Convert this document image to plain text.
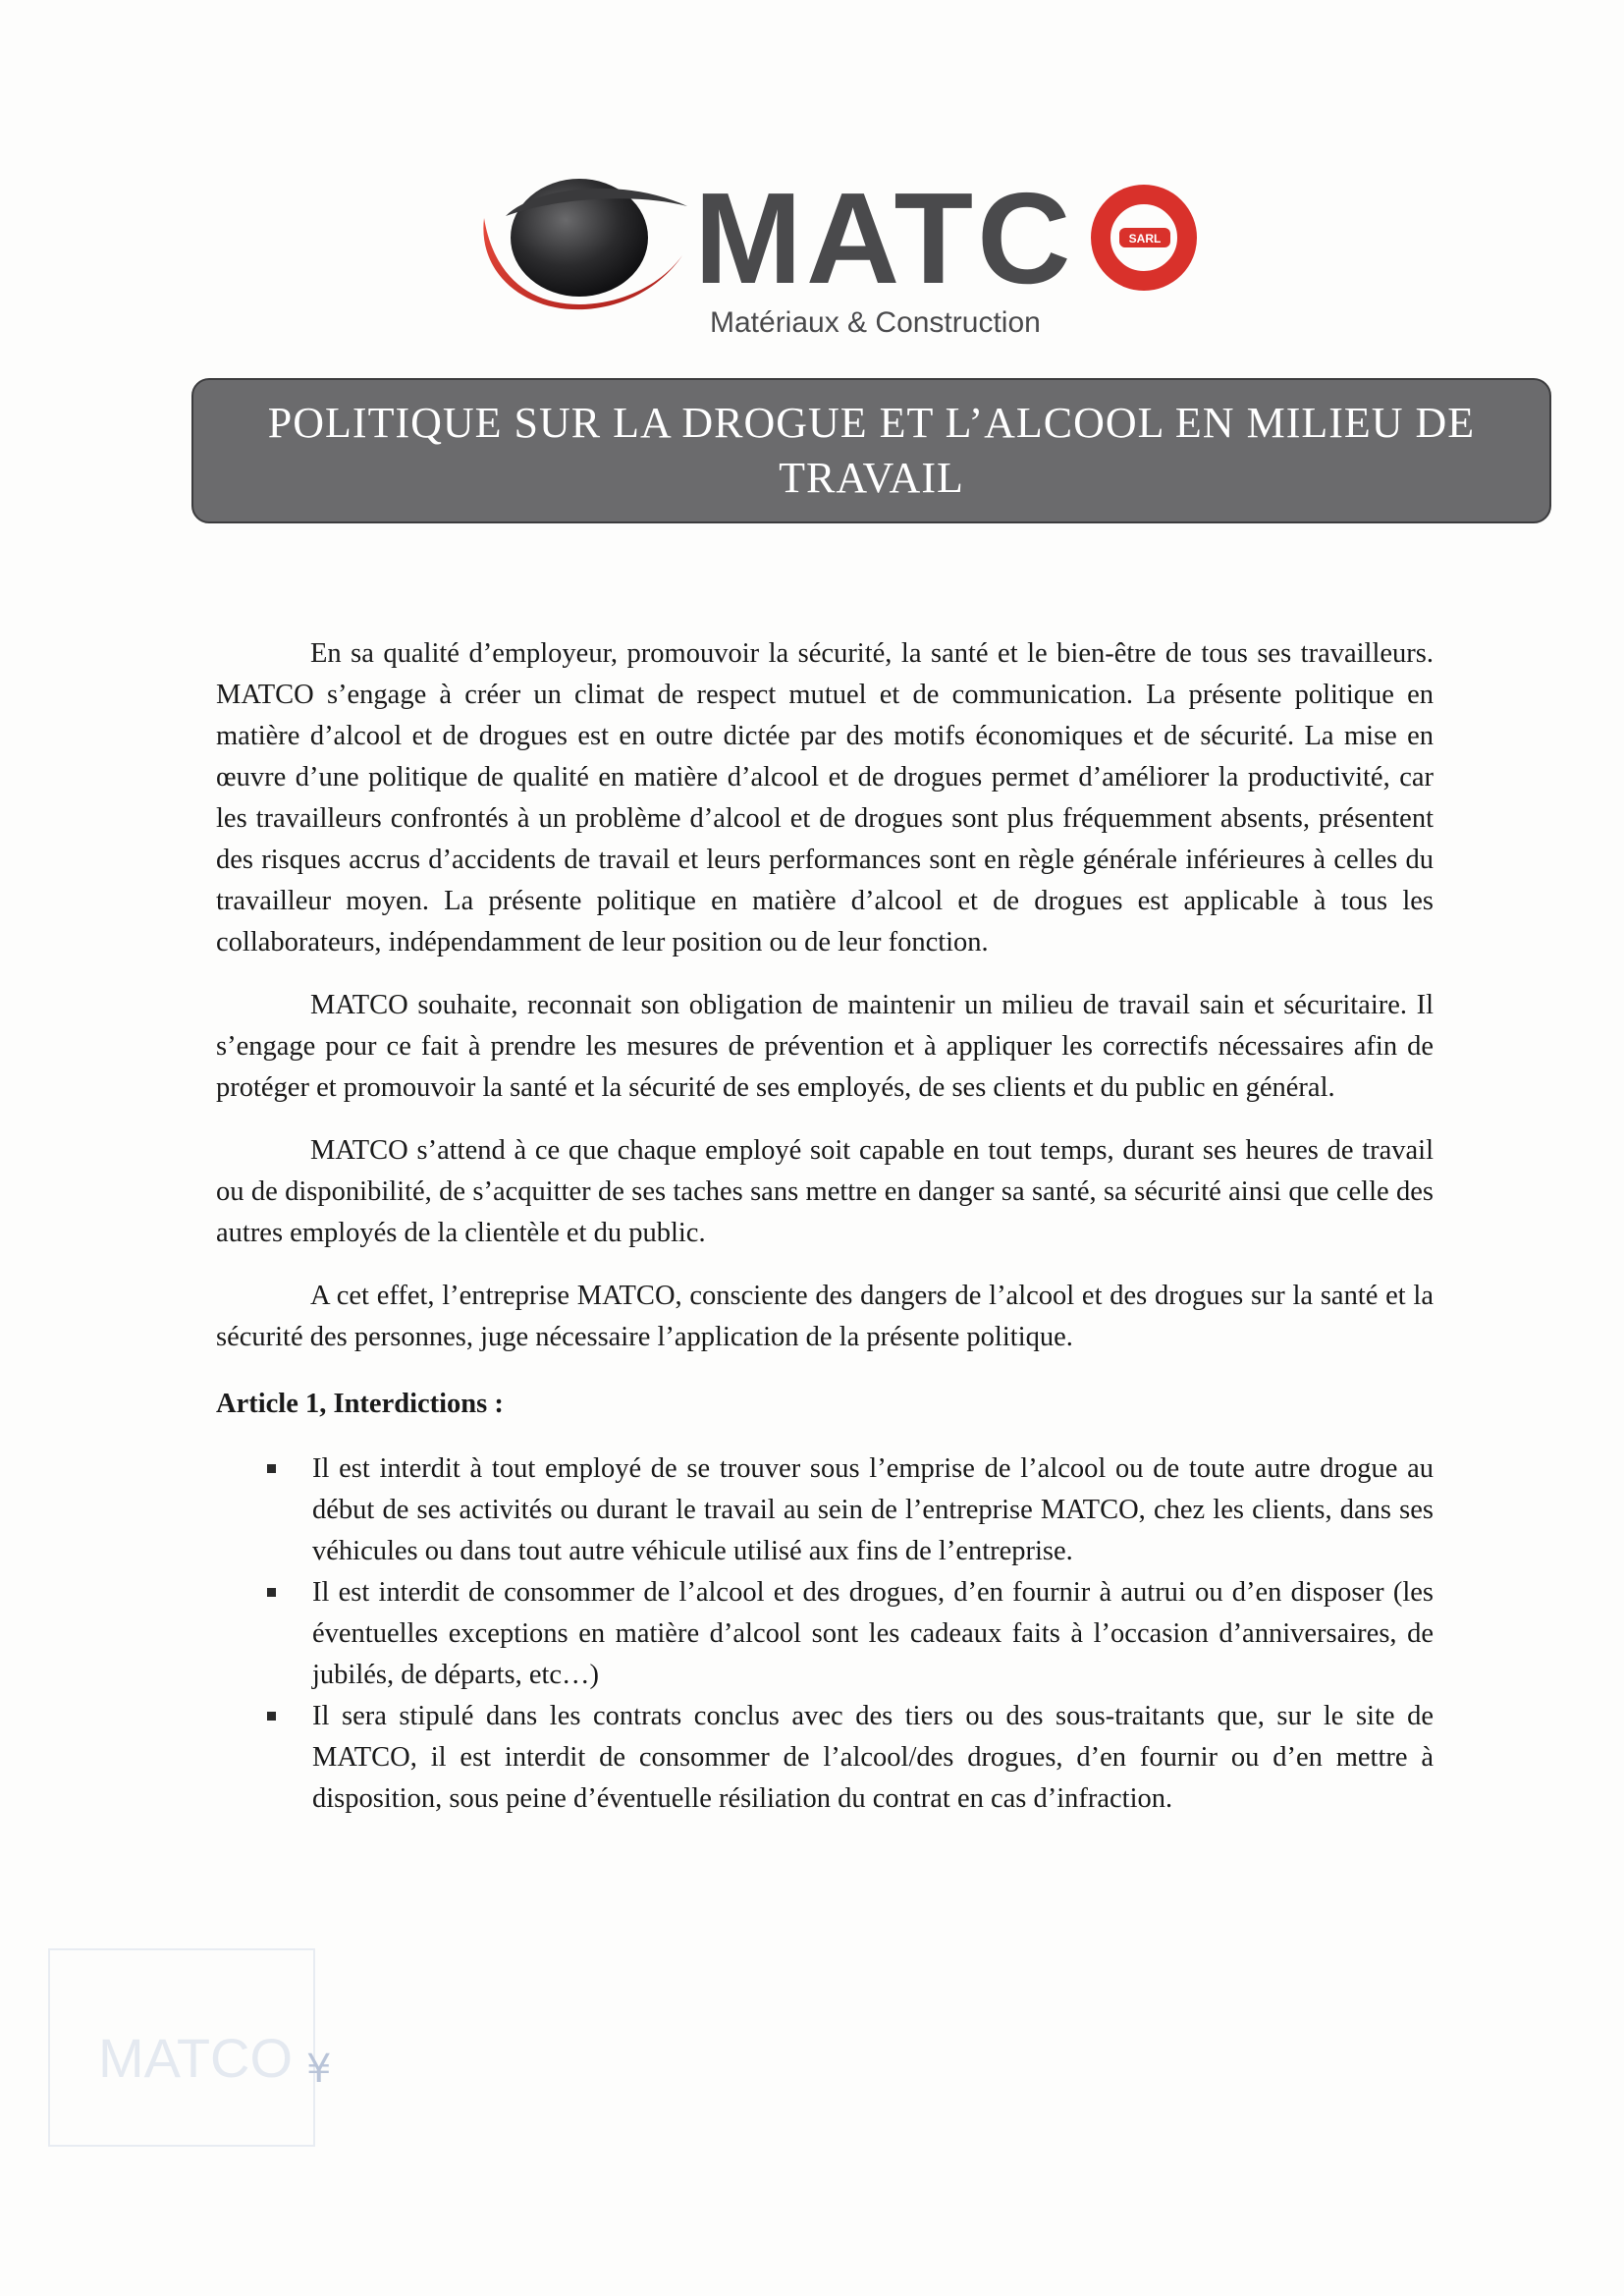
MATC	SARL
Matériaux & Construction
POLITIQUE SUR LA DROGUE ET L’ALCOOL EN MILIEU DE TRAVAIL

En sa qualité d’employeur, promouvoir la sécurité, la santé et le bien-être de tous ses travailleurs. MATCO s’engage à créer un climat de respect mutuel et de communication. La présente politique en matière d’alcool et de drogues est en outre dictée par des motifs économiques et de sécurité. La mise en œuvre d’une politique de qualité en matière d’alcool et de drogues permet d’améliorer la productivité, car les travailleurs confrontés à un problème d’alcool et de drogues sont plus fréquemment absents, présentent des risques accrus d’accidents de travail et leurs performances sont en règle générale inférieures à celles du travailleur moyen. La présente politique en matière d’alcool et de drogues est applicable à tous les collaborateurs, indépendamment de leur position ou de leur fonction.

MATCO souhaite, reconnait son obligation de maintenir un milieu de travail sain et sécuritaire. Il s’engage pour ce fait à prendre les mesures de prévention et à appliquer les correctifs nécessaires afin de protéger et promouvoir la santé et la sécurité de ses employés, de ses clients et du public en général.

MATCO s’attend à ce que chaque employé soit capable en tout temps, durant ses heures de travail ou de disponibilité, de s’acquitter de ses taches sans mettre en danger sa santé, sa sécurité ainsi que celle des autres employés de la clientèle et du public.

A cet effet, l’entreprise MATCO, consciente des dangers de l’alcool et des drogues sur la santé et la sécurité des personnes, juge nécessaire l’application de la présente politique.

Article 1, Interdictions :
Il est interdit à tout employé de se trouver sous l’emprise de l’alcool ou de toute autre drogue au début de ses activités ou durant le travail au sein de l’entreprise MATCO, chez les clients, dans ses véhicules ou dans tout autre véhicule utilisé aux fins de l’entreprise.
Il est interdit de consommer de l’alcool et des drogues, d’en fournir à autrui ou d’en disposer (les éventuelles exceptions en matière d’alcool sont les cadeaux faits à l’occasion d’anniversaires, de jubilés, de départs, etc…)
Il sera stipulé dans les contrats conclus avec des tiers ou des sous-traitants que, sur le site de MATCO, il est interdit de consommer de l’alcool/des drogues, d’en fournir ou d’en mettre à disposition, sous peine d’éventuelle résiliation du contrat en cas d’infraction.
MATCO ¥
